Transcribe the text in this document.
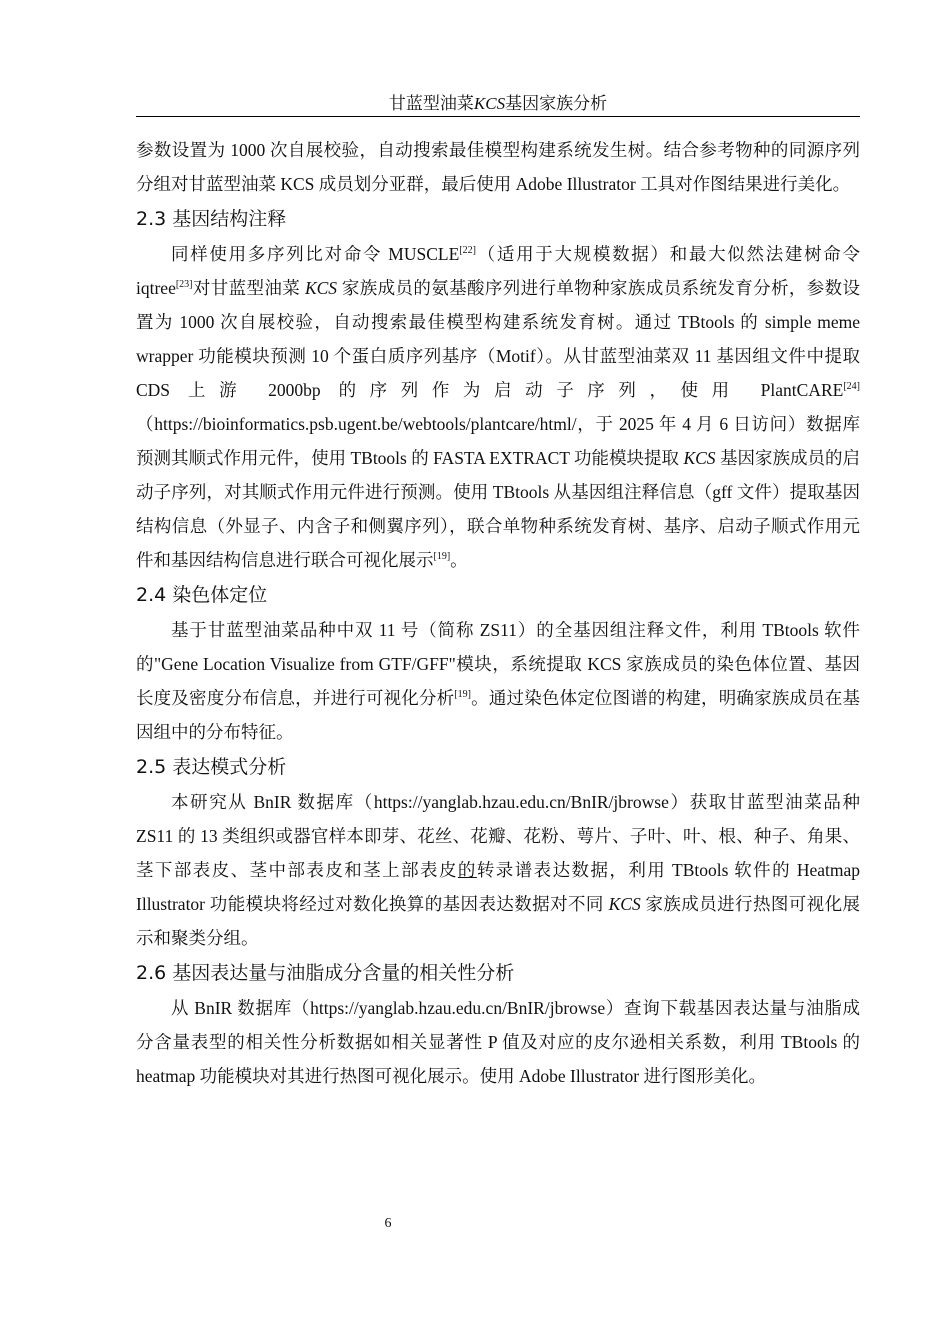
甘蓝型油菜KCS基因家族分析

参数设置为 1000 次自展校验，自动搜索最佳模型构建系统发生树。结合参考物种的同源序列分组对甘蓝型油菜 KCS 成员划分亚群，最后使用 Adobe Illustrator 工具对作图结果进行美化。

2.3 基因结构注释

同样使用多序列比对命令 MUSCLE[22]（适用于大规模数据）和最大似然法建树命令 iqtree[23]对甘蓝型油菜 KCS 家族成员的氨基酸序列进行单物种家族成员系统发育分析，参数设置为 1000 次自展校验，自动搜索最佳模型构建系统发育树。通过 TBtools 的 simple meme wrapper 功能模块预测 10 个蛋白质序列基序（Motif）。从甘蓝型油菜双 11 基因组文件中提取 CDS 上游 2000bp 的序列作为启动子序列，使用 PlantCARE[24]（https://bioinformatics.psb.ugent.be/webtools/plantcare/html/，于 2025 年 4 月 6 日访问）数据库预测其顺式作用元件，使用 TBtools 的 FASTA EXTRACT 功能模块提取 KCS 基因家族成员的启动子序列，对其顺式作用元件进行预测。使用 TBtools 从基因组注释信息（gff 文件）提取基因结构信息（外显子、内含子和侧翼序列），联合单物种系统发育树、基序、启动子顺式作用元件和基因结构信息进行联合可视化展示[19]。

2.4 染色体定位

基于甘蓝型油菜品种中双 11 号（简称 ZS11）的全基因组注释文件，利用 TBtools 软件的"Gene Location Visualize from GTF/GFF"模块，系统提取 KCS 家族成员的染色体位置、基因长度及密度分布信息，并进行可视化分析[19]。通过染色体定位图谱的构建，明确家族成员在基因组中的分布特征。

2.5 表达模式分析

本研究从 BnIR 数据库（https://yanglab.hzau.edu.cn/BnIR/jbrowse）获取甘蓝型油菜品种 ZS11 的 13 类组织或器官样本即芽、花丝、花瓣、花粉、萼片、子叶、叶、根、种子、角果、茎下部表皮、茎中部表皮和茎上部表皮的转录谱表达数据，利用 TBtools 软件的 Heatmap Illustrator 功能模块将经过对数化换算的基因表达数据对不同 KCS 家族成员进行热图可视化展示和聚类分组。

2.6 基因表达量与油脂成分含量的相关性分析

从 BnIR 数据库（https://yanglab.hzau.edu.cn/BnIR/jbrowse）查询下载基因表达量与油脂成分含量表型的相关性分析数据如相关显著性 P 值及对应的皮尔逊相关系数，利用 TBtools 的 heatmap 功能模块对其进行热图可视化展示。使用 Adobe Illustrator 进行图形美化。

6
